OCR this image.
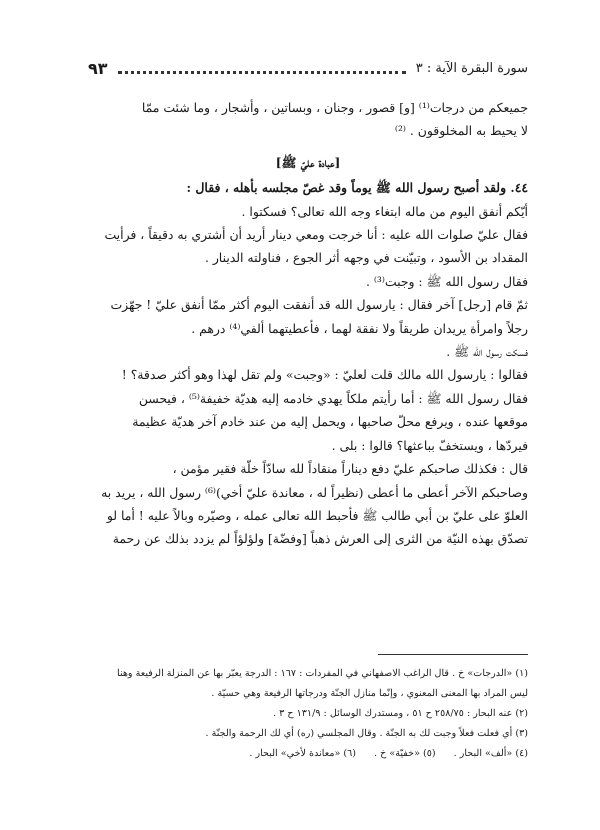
سورة البقرة الآية : ٣
٩٣
جميعكم من درجات⁽¹⁾ [و] قصور ، وجنان ، وبساتين ، وأشجار ، وما شئت ممّا
لا يحيط به المخلوقون . ⁽²⁾
[عبادة عليّ ﷺ]
٤٤. ولقد أصبح رسول الله ﷺ يوماً وقد غصّ مجلسه بأهله ، فقال :
أيّكم أنفق اليوم من ماله ابتغاء وجه الله تعالى؟ فسكتوا .
فقال عليّ صلوات الله عليه : أنا خرجت ومعي دينار أريد أن أشتري به دقيقاً ، فرأيت
المقداد بن الأسود ، وتبيّنت في وجهه أثر الجوع ، فناولته الدينار .
فقال رسول الله ﷺ : وجبت⁽³⁾ .
ثمّ قام [رجل] آخر فقال : يارسول الله قد أنفقت اليوم أكثر ممّا أنفق عليّ ! جهّزت
رجلاً وامرأة يريدان طريقاً ولا نفقة لهما ، فأعطيتهما ألفي⁽⁴⁾ درهم .
فسكت رسول الله ﷺ .
فقالوا : يارسول الله مالك قلت لعليّ : «وجبت» ولم تقل لهذا وهو أكثر صدقة؟ !
فقال رسول الله ﷺ : أما رأيتم ملكاً يهدي خادمه إليه هديّة خفيفة⁽⁵⁾ ، فيحسن
موقعها عنده ، ويرفع محلّ صاحبها ، ويحمل إليه من عند خادم آخر هديّة عظيمة
فيردّها ، ويستخفّ بباعثها؟ قالوا : بلى .
قال : فكذلك صاحبكم عليّ دفع ديناراً منقاداً لله سادّاً خلّة فقير مؤمن ،
وصاحبكم الآخر أعطى ما أعطى (نظيراً له ، معاندة عليّ أخي)⁽⁶⁾ رسول الله ، يريد به
العلوّ على عليّ بن أبي طالب ﷺ فأحبط الله تعالى عمله ، وصيّره وبالاً عليه ! أما لو
تصدّق بهذه النيّة من الثرى إلى العرش ذهباً [وفضّة] ولؤلؤاً لم يزدد بذلك عن رحمة
(١) «الدرجات» خ . قال الراغب الاصفهاني في المفردات : ١٦٧ : الدرجة يعبّر بها عن المنزلة الرفيعة وهنا
ليس المراد بها المعنى المعنوي ، وإنّما منازل الجنّة ودرجاتها الرفيعة وهي حسيّة .
(٢) عنه البحار : ٢٥٨/٧٥ ح ٥١ ، ومستدرك الوسائل : ١٣١/٩ ح ٣ .
(٣) أي فعلت فعلاً وجبت لك به الجنّة . وقال المجلسي (ره) أي لك الرحمة والجنّة .
(٤) «ألف» البحار .
(٥) «خفيّة» خ .
(٦) «معاندة لأخي» البحار .
